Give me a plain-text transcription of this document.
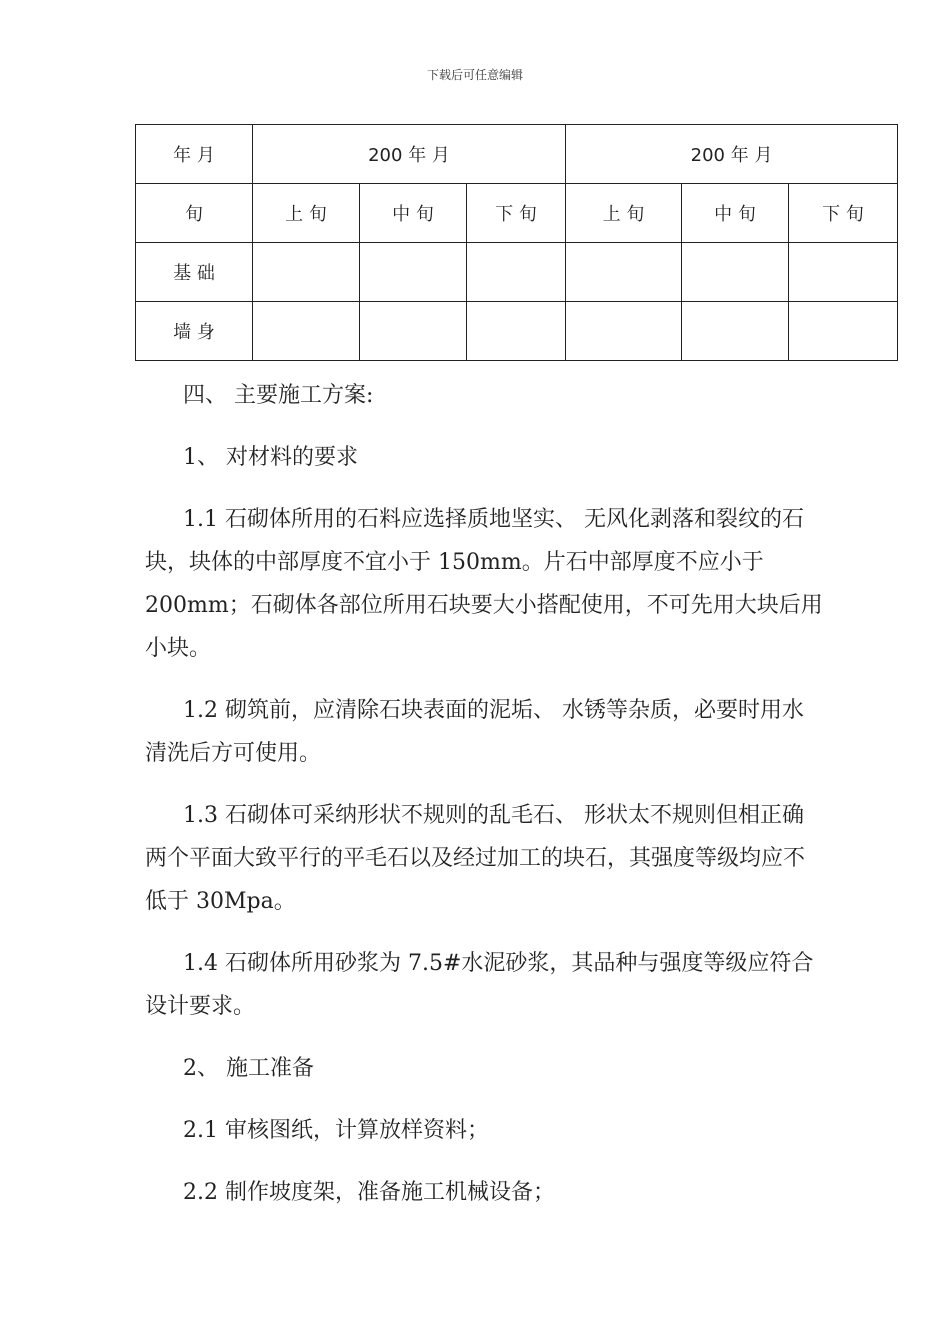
下载后可任意编辑
年 月	200 年 月			200 年 月		
旬	上 旬	中 旬	下 旬	上 旬	中 旬	下 旬
基 础						
墙 身						

四、 主要施工方案:

1、 对材料的要求

1.1 石砌体所用的石料应选择质地坚实、 无风化剥落和裂纹的石块，块体的中部厚度不宜小于 150mm。片石中部厚度不应小于 200mm；石砌体各部位所用石块要大小搭配使用，不可先用大块后用小块。

1.2 砌筑前，应清除石块表面的泥垢、 水锈等杂质，必要时用水清洗后方可使用。

1.3 石砌体可采纳形状不规则的乱毛石、 形状太不规则但相正确两个平面大致平行的平毛石以及经过加工的块石，其强度等级均应不低于 30Mpa。

1.4 石砌体所用砂浆为 7.5#水泥砂浆，其品种与强度等级应符合设计要求。

2、 施工准备

2.1 审核图纸，计算放样资料；

2.2 制作坡度架，准备施工机械设备；
